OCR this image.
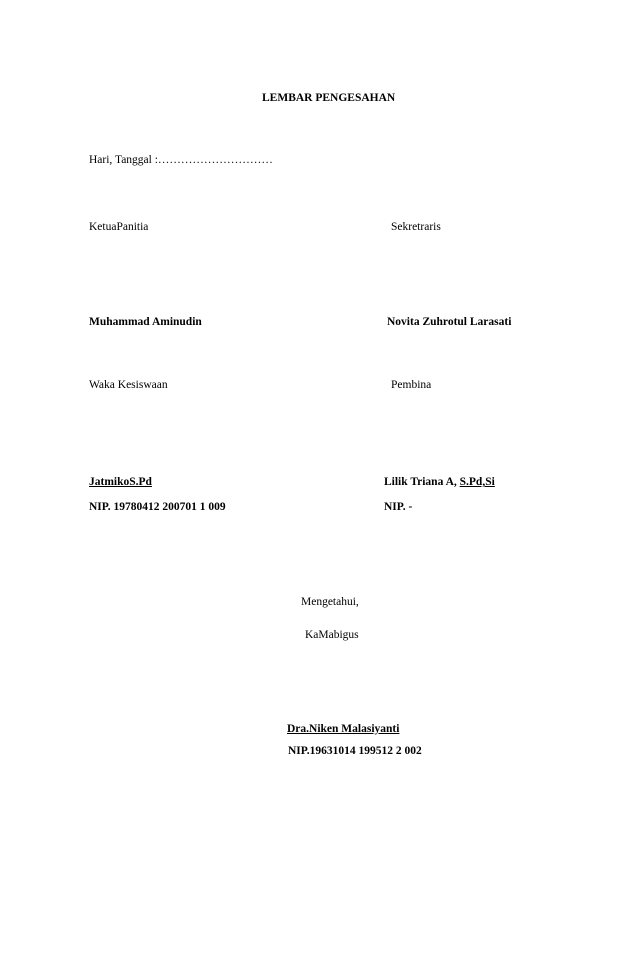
LEMBAR PENGESAHAN
Hari, Tanggal :…………………………
KetuaPanitia	Sekretraris
Muhammad Aminudin	Novita Zuhrotul Larasati
Waka Kesiswaan	Pembina
JatmikoS.Pd	Lilik Triana A, S.Pd,Si
NIP. 19780412 200701 1 009	NIP. -
Mengetahui,
KaMabigus
Dra.Niken Malasiyanti
NIP.19631014 199512 2 002
